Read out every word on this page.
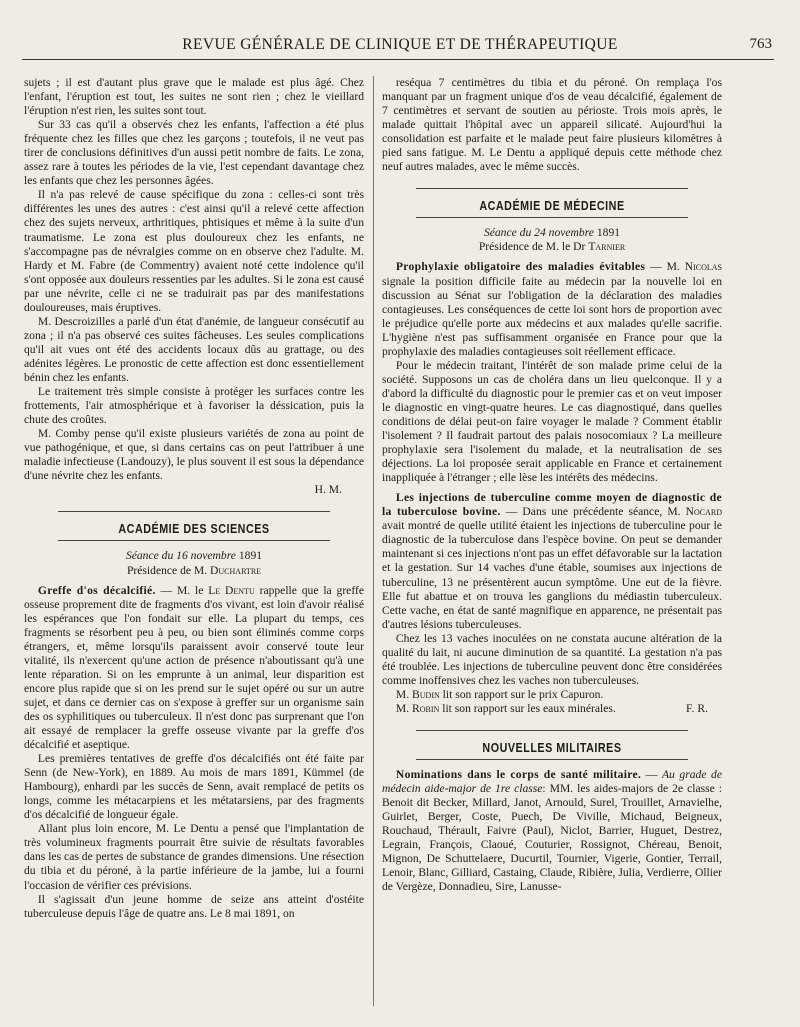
REVUE GÉNÉRALE DE CLINIQUE ET DE THÉRAPEUTIQUE	763

sujets ; il est d'autant plus grave que le malade est plus âgé. Chez l'enfant, l'éruption est tout, les suites ne sont rien ; chez le vieillard l'éruption n'est rien, les suites sont tout.

Sur 33 cas qu'il a observés chez les enfants, l'affection a été plus fréquente chez les filles que chez les garçons ; toutefois, il ne veut pas tirer de conclusions définitives d'un aussi petit nombre de faits. Le zona, assez rare à toutes les périodes de la vie, l'est cependant davantage chez les enfants que chez les personnes âgées.

Il n'a pas relevé de cause spécifique du zona : celles-ci sont très différentes les unes des autres : c'est ainsi qu'il a relevé cette affection chez des sujets nerveux, arthritiques, phtisiques et même à la suite d'un traumatisme. Le zona est plus douloureux chez les enfants, ne s'accompagne pas de névralgies comme on en observe chez l'adulte. M. Hardy et M. Fabre (de Commentry) avaient noté cette indolence qu'il s'ont opposée aux douleurs ressenties par les adultes. Si le zona est causé par une névrite, celle ci ne se traduirait pas par des manifestations douloureuses, mais éruptives.

M. Descroizilles a parlé d'un état d'anémie, de langueur consécutif au zona ; il n'a pas observé ces suites fâcheuses. Les seules complications qu'il ait vues ont été des accidents locaux dûs au grattage, ou des adénites légères. Le pronostic de cette affection est donc essentiellement bénin chez les enfants.

Le traitement très simple consiste à protéger les surfaces contre les frottements, l'air atmosphérique et à favoriser la déssication, puis la chute des croûtes.

M. Comby pense qu'il existe plusieurs variétés de zona au point de vue pathogénique, et que, si dans certains cas on peut l'attribuer à une maladie infectieuse (Landouzy), le plus souvent il est sous la dépendance d'une névrite chez les enfants.

H. M.
ACADÉMIE DES SCIENCES
Séance du 16 novembre 1891
Présidence de M. Duchartre

Greffe d'os décalcifié. — M. le Le Dentu rappelle que la greffe osseuse proprement dite de fragments d'os vivant, est loin d'avoir réalisé les espérances que l'on fondait sur elle. La plupart du temps, ces fragments se résorbent peu à peu, ou bien sont éliminés comme corps étrangers, et, même lorsqu'ils paraissent avoir conservé toute leur vitalité, ils n'exercent qu'une action de présence n'aboutissant qu'à une lente réparation. Si on les emprunte à un animal, leur disparition est encore plus rapide que si on les prend sur le sujet opéré ou sur un autre sujet, et dans ce dernier cas on s'expose à greffer sur un organisme sain des os syphilitiques ou tuberculeux. Il n'est donc pas surprenant que l'on ait essayé de remplacer la greffe osseuse vivante par la greffe d'os décalcifié et aseptique.

Les premières tentatives de greffe d'os décalcifiés ont été faite par Senn (de New-York), en 1889. Au mois de mars 1891, Kümmel (de Hambourg), enhardi par les succès de Senn, avait remplacé de petits os longs, comme les métacarpiens et les métatarsiens, par des fragments d'os décalcifié de longueur égale.

Allant plus loin encore, M. Le Dentu a pensé que l'implantation de très volumineux fragments pourrait être suivie de résultats favorables dans les cas de pertes de substance de grandes dimensions. Une résection du tibia et du péroné, à la partie inférieure de la jambe, lui a fourni l'occasion de vérifier ces prévisions.

Il s'agissait d'un jeune homme de seize ans atteint d'ostéite tuberculeuse depuis l'âge de quatre ans. Le 8 mai 1891, on

reséqua 7 centimètres du tibia et du péroné. On remplaça l'os manquant par un fragment unique d'os de veau décalcifié, également de 7 centimètres et servant de soutien au périoste. Trois mois après, le malade quittait l'hôpital avec un appareil silicaté. Aujourd'hui la consolidation est parfaite et le malade peut faire plusieurs kilomètres à pied sans fatigue. M. Le Dentu a appliqué depuis cette méthode chez neuf autres malades, avec le même succès.

ACADÉMIE DE MÉDECINE
Séance du 24 novembre 1891
Présidence de M. le Dr Tarnier

Prophylaxie obligatoire des maladies évitables — M. Nicolas signale la position difficile faite au médecin par la nouvelle loi en discussion au Sénat sur l'obligation de la déclaration des maladies contagieuses. Les conséquences de cette loi sont hors de proportion avec le préjudice qu'elle porte aux médecins et aux malades qu'elle sacrifie. L'hygiène n'est pas suffisamment organisée en France pour que la prophylaxie des maladies contagieuses soit réellement efficace.

Pour le médecin traitant, l'intérêt de son malade prime celui de la société. Supposons un cas de choléra dans un lieu quelconque. Il y a d'abord la difficulté du diagnostic pour le premier cas et on veut imposer le diagnostic en vingt-quatre heures. Le cas diagnostiqué, dans quelles conditions de délai peut-on faire voyager le malade ? Comment établir l'isolement ? Il faudrait partout des palais nosocomiaux ? La meilleure prophylaxie sera l'isolement du malade, et la neutralisation de ses déjections. La loi proposée serait applicable en France et certainement inappliquée à l'étranger ; elle lèse les intérêts des médecins.

Les injections de tuberculine comme moyen de diagnostic de la tuberculose bovine. — Dans une précédente séance, M. Nocard avait montré de quelle utilité étaient les injections de tuberculine pour le diagnostic de la tuberculose dans l'espèce bovine. On peut se demander maintenant si ces injections n'ont pas un effet défavorable sur la lactation et la gestation. Sur 14 vaches d'une étable, soumises aux injections de tuberculine, 13 ne présentèrent aucun symptôme. Une eut de la fièvre. Elle fut abattue et on trouva les ganglions du médiastin tuberculeux. Cette vache, en état de santé magnifique en apparence, ne présentait pas d'autres lésions tuberculeuses.

Chez les 13 vaches inoculées on ne constata aucune altération de la qualité du lait, ni aucune diminution de sa quantité. La gestation n'a pas été troublée. Les injections de tuberculine peuvent donc être considérées comme inoffensives chez les vaches non tuberculeuses.

M. Budin lit son rapport sur le prix Capuron.

M. Robin lit son rapport sur les eaux minérales.	F. R.

NOUVELLES MILITAIRES

Nominations dans le corps de santé militaire. — Au grade de médecin aide-major de 1re classe: MM. les aides-majors de 2e classe : Benoit dit Becker, Millard, Janot, Arnould, Surel, Trouillet, Arnavielhe, Guirlet, Berger, Coste, Puech, De Viville, Michaud, Beigneux, Rouchaud, Thérault, Faivre (Paul), Niclot, Barrier, Huguet, Destrez, Legrain, François, Claoué, Couturier, Rossignot, Chéreau, Benoit, Mignon, De Schuttelaere, Ducurtil, Tournier, Vigerie, Gontier, Terrail, Lenoir, Blanc, Gilliard, Castaing, Claude, Ribière, Julia, Verdierre, Ollier de Vergèze, Donnadieu, Sire, Lanusse-
